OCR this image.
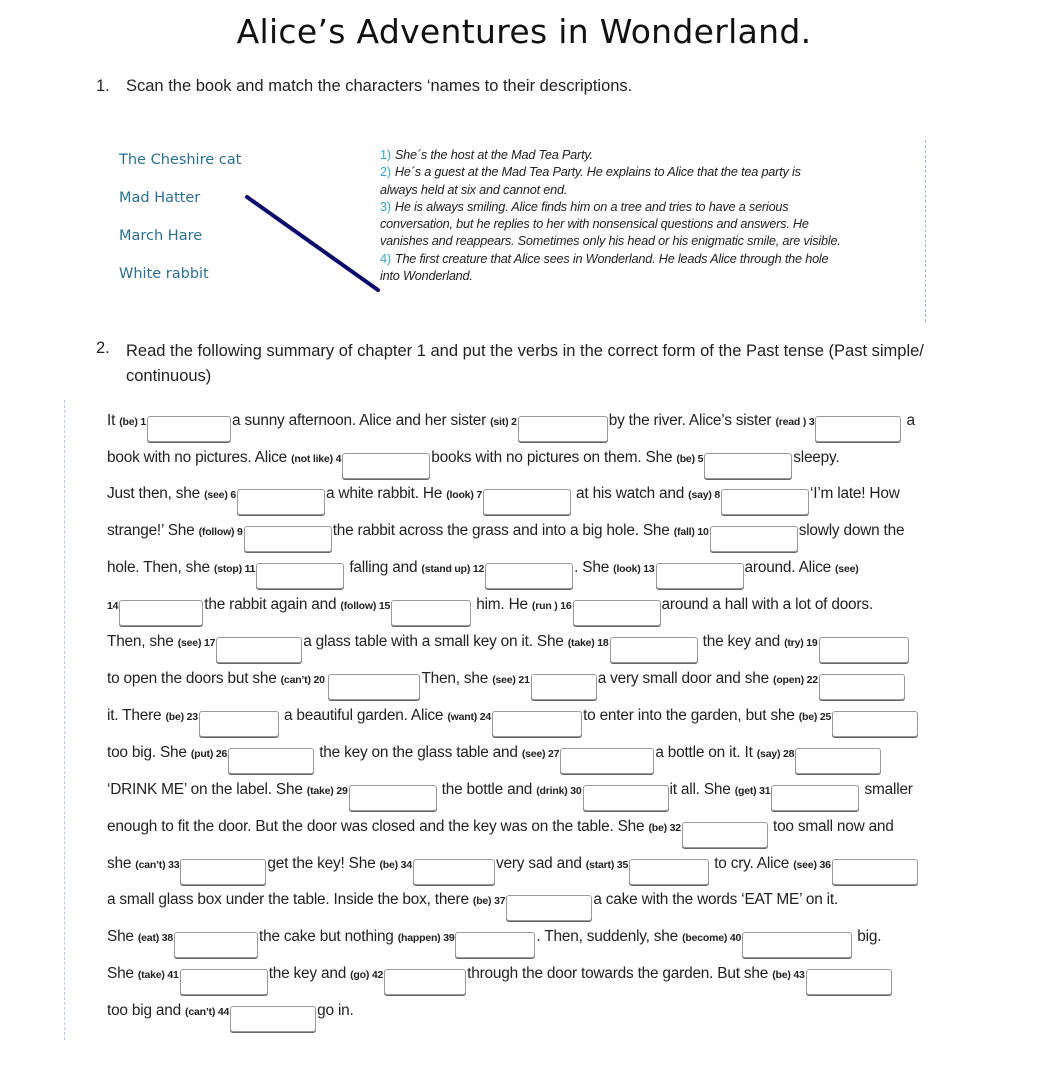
Alice’s Adventures in Wonderland.
1. Scan the book and match the characters ‘names to their descriptions.
The Cheshire cat
Mad Hatter
March Hare
White rabbit
1) She´s the host at the Mad Tea Party.
2) He´s a guest at the Mad Tea Party. He explains to Alice that the tea party is
always held at six and cannot end.
3) He is always smiling. Alice finds him on a tree and tries to have a serious
conversation, but he replies to her with nonsensical questions and answers. He
vanishes and reappears. Sometimes only his head or his enigmatic smile, are visible.
4) The first creature that Alice sees in Wonderland. He leads Alice through the hole
into Wonderland.
2. Read the following summary of chapter 1 and put the verbs in the correct form of the Past tense (Past simple/
continuous)
It (be) 1	a sunny afternoon. Alice and her sister (sit) 2	by the river. Alice’s sister (read ) 3	a
book with no pictures. Alice (not like) 4	books with no pictures on them. She (be) 5	sleepy.
Just then, she (see) 6	a white rabbit. He (look) 7	at his watch and (say) 8	‘I’m late! How
strange!’ She (follow) 9	the rabbit across the grass and into a big hole. She (fall) 10	slowly down the
hole. Then, she (stop) 11	falling and (stand up) 12	. She (look) 13	around. Alice (see)
14	the rabbit again and (follow) 15	him. He (run ) 16	around a hall with a lot of doors.
Then, she (see) 17	a glass table with a small key on it. She (take) 18	the key and (try) 19
to open the doors but she (can’t) 20	Then, she (see) 21	a very small door and she (open) 22
it. There (be) 23	a beautiful garden. Alice (want) 24	to enter into the garden, but she (be) 25
too big. She (put) 26	the key on the glass table and (see) 27	a bottle on it. It (say) 28
‘DRINK ME’ on the label. She (take) 29	the bottle and (drink) 30	it all. She (get) 31	smaller
enough to fit the door. But the door was closed and the key was on the table. She (be) 32	too small now and
she (can’t) 33	get the key! She (be) 34	very sad and (start) 35	to cry. Alice (see) 36
a small glass box under the table. Inside the box, there (be) 37	a cake with the words ‘EAT ME’ on it.
She (eat) 38	the cake but nothing (happen) 39	. Then, suddenly, she (become) 40	big.
She (take) 41	the key and (go) 42	through the door towards the garden. But she (be) 43
too big and (can’t) 44	go in.
